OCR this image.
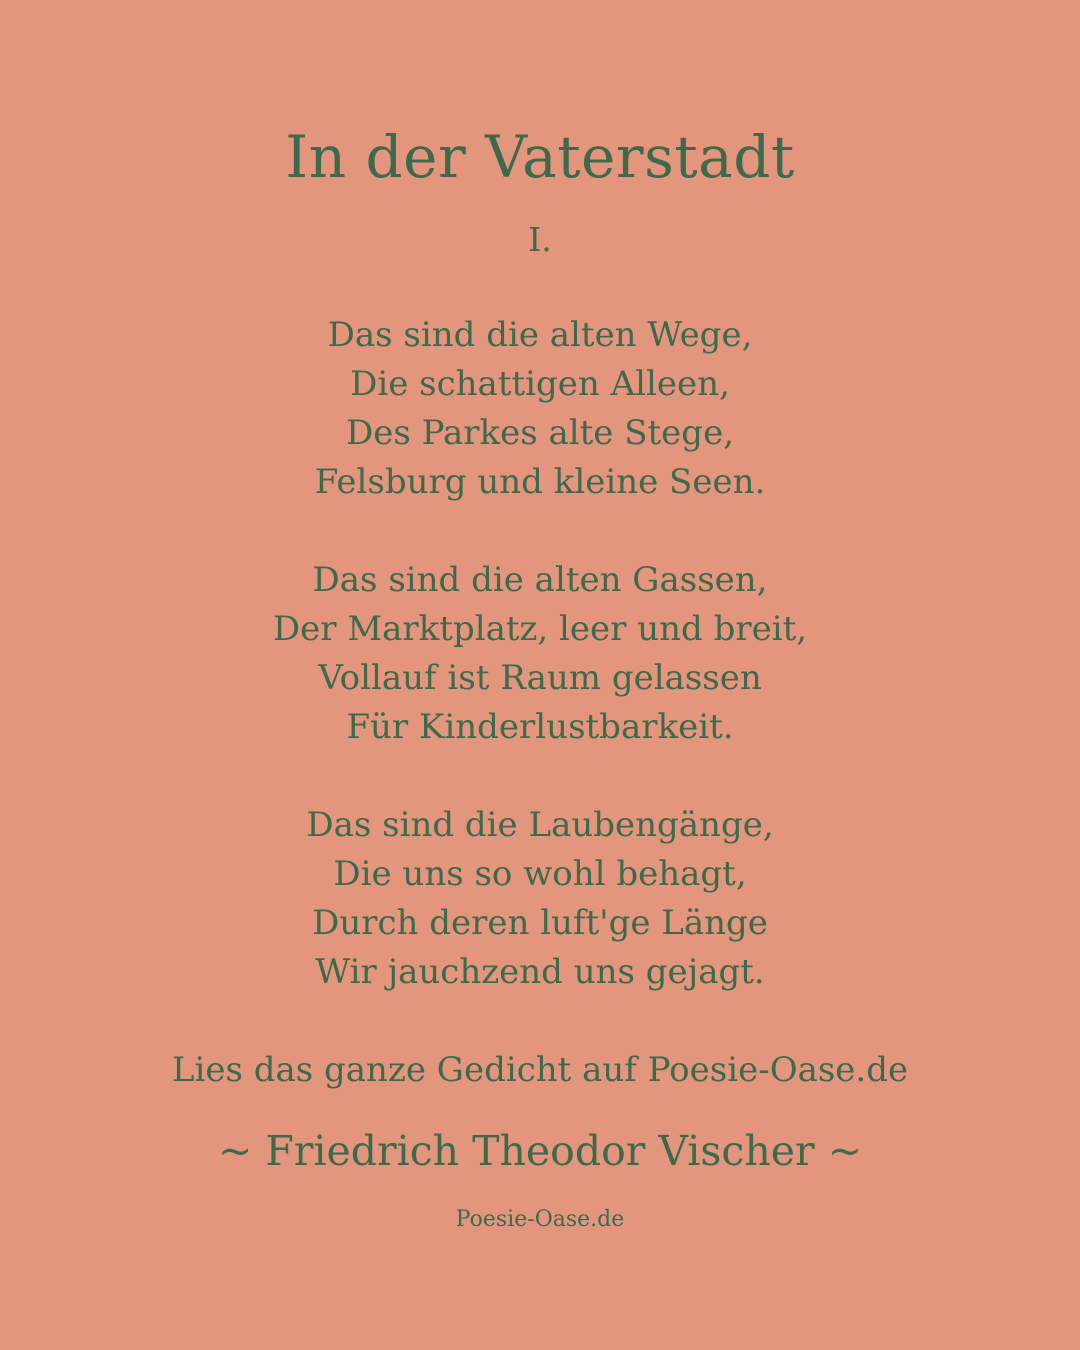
In der Vaterstadt
I.
Das sind die alten Wege,
Die schattigen Alleen,
Des Parkes alte Stege,
Felsburg und kleine Seen.
Das sind die alten Gassen,
Der Marktplatz, leer und breit,
Vollauf ist Raum gelassen
Für Kinderlustbarkeit.
Das sind die Laubengänge,
Die uns so wohl behagt,
Durch deren luft'ge Länge
Wir jauchzend uns gejagt.
Lies das ganze Gedicht auf Poesie-Oase.de
~ Friedrich Theodor Vischer ~
Poesie-Oase.de
